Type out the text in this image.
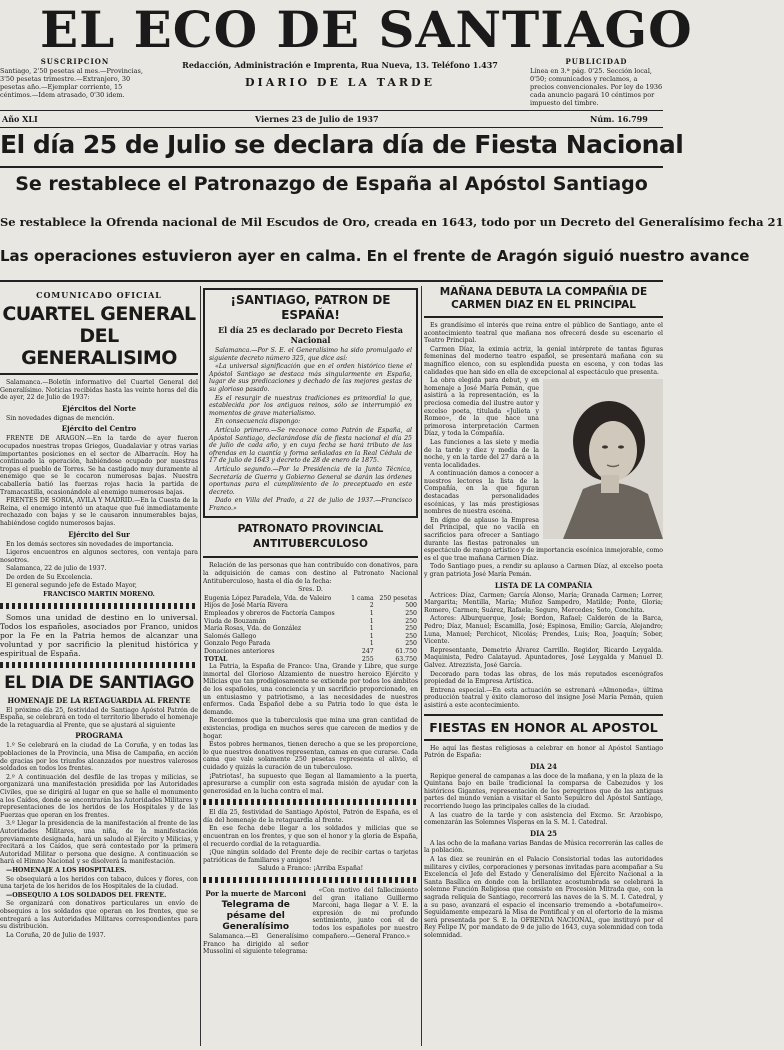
EL ECO DE SANTIAGO
SUSCRIPCION
Santiago, 2'50 pesetas al mes.—Provincias, 3'50 pesetas trimestre.—Extranjero, 30 pesetas año.—Ejemplar corriente, 15 céntimos.—Idem atrasado, 0'30 idem.
Redacción, Administración e Imprenta, Rua Nueva, 13. Teléfono 1.437
DIARIO DE LA TARDE
PUBLICIDAD
Línea en 3.ª pág. 0'25. Sección local, 0'50; comunicados y reclamos, a precios convencionales. Por ley de 1936 cada anuncio pagará 10 céntimos por impuesto del timbre.
Año XLI	Viernes 23 de Julio de 1937	Núm. 16.799
El día 25 de Julio se declara día de Fiesta Nacional
Se restablece el Patronazgo de España al Apóstol Santiago
Se restablece la Ofrenda nacional de Mil Escudos de Oro, creada en 1643, todo por un Decreto del Generalísimo fecha 21
Las operaciones estuvieron ayer en calma. En el frente de Aragón siguió nuestro avance
COMUNICADO OFICIAL
CUARTEL GENERAL
DEL GENERALISIMO

Salamanca.—Boletín informativo del Cuartel General del Generalísimo. Noticias recibidas hasta las veinte horas del día de ayer, 22 de Julio de 1937:

Ejércitos del Norte

Sin novedades dignas de mención.

Ejército del Centro

FRENTE DE ARAGON.—En la tarde de ayer fueron ocupados nuestras tropas Griegos, Guadalaviar y otras varias importantes posiciones en el sector de Albarracín. Hoy ha continuado la operación, habiéndose ocupado por nuestras tropas el pueblo de Torres. Se ha castigado muy duramente al enemigo que se le cocaron numerosas bajas. Nuestra caballería batió las fuerzas rojas hacia la partida de Tramacastilla, ocasionándole al enemigo numerosas bajas.

FRENTES DE SORIA, AVILA Y MADRID.—En la Cuesta de la Reina, el enemigo intentó un ataque que fué inmediatamente rechazado con bajas y se le causaron innumerables bajas, habiéndose cogido numerosos bajas.

Ejército del Sur

En los demás sectores sin novedades de importancia.

Ligeros encuentros en algunos sectores, con ventaja para nosotros.

Salamanca, 22 de julio de 1937.

De orden de Su Excelencia.

El general segundo jefe de Estado Mayor,

FRANCISCO MARTIN MORENO.

Somos una unidad de destino en lo universal. Todos los españoles, asociados por Franco, unidos por la Fe en la Patria hemos de alcanzar una voluntad y por sacrificio la plenitud histórica y espiritual de España.

EL DIA DE SANTIAGO
HOMENAJE DE LA RETAGUARDIA AL FRENTE

El próximo día 25, festividad de Santiago Apóstol Patrón de España, se celebrará en todo el territorio liberado el homenaje de la retaguardia al Frente, que se ajustará al siguiente

PROGRAMA

1.º Se celebrará en la ciudad de La Coruña, y en todas las poblaciones de la Provincia, una Misa de Campaña, en acción de gracias por los triunfos alcanzados por nuestros valerosos soldados en todos los frentes.

2.º A continuación del desfile de las tropas y milicias, se organizará una manifestación presidida por las Autoridades Civiles, que se dirigirá al lugar en que se halle el monumento a los Caídos, donde se encontrarán las Autoridades Militares y representaciones de los heridos de los Hospitales y de las Fuerzas que operan en los frentes.

3.º Llegar la presidencia de la manifestación al frente de las Autoridades Militares, una niña, de la manifestación previamente designada, hará un saludo al Ejército y Milicias, y recitará a los Caídos, que será contestado por la primera Autoridad Militar o persona que designe. A continuación se hará el Himno Nacional y se disolverá la manifestación.

—HOMENAJE A LOS HOSPITALES.

Se obsequiará a los heridos con tabaco, dulces y flores, con una tarjeta de los heridos de los Hospitales de la ciudad.

—OBSEQUIO A LOS SOLDADOS DEL FRENTE.

Se organizará con donativos particulares un envío de obsequios a los soldados que operan en los frentes, que se entregará a las Autoridades Militares correspondientes para su distribución.

La Coruña, 20 de Julio de 1937.

¡SANTIAGO, PATRON DE ESPAÑA!
El día 25 es declarado por Decreto Fiesta Nacional

Salamanca.—Por S. E. el Generalísimo ha sido promulgado el siguiente decreto número 325, que dice así:

«La universal significación que en el orden histórico tiene el Apóstol Santiago se destaca más singularmente en España, lugar de sus predicaciones y dechado de las mejores gestas de su glorioso pasado.

Es el resurgir de nuestras tradiciones es primordial la que, establecida por los antiguos reinos, sólo se interrumpió en momentos de grave materialismo.

En consecuencia dispongo:

Artículo primero.—Se reconoce como Patrón de España, al Apóstol Santiago, declarándose día de fiesta nacional el día 25 de julio de cada año, y en cuya fecha se hará tributo de las ofrendas en la cuantía y forma señaladas en la Real Cédula de 17 de julio de 1643 y decreto de 28 de enero de 1875.

Artículo segundo.—Por la Presidencia de la Junta Técnica, Secretaría de Guerra y Gobierno General se darán las órdenes oportunas para el cumplimiento de lo preceptuado en este decreto.

Dado en Villa del Prado, a 21 de julio de 1937.—Francisco Franco.»

PATRONATO PROVINCIAL ANTITUBERCULOSO

Relación de las personas que han contribuído con donativos, para la adquisición de camas con destino al Patronato Nacional Antituberculoso, hasta el día de la fecha:

Sres. D.

Eugenia López Paradela, Vda. de Valeiro	1 cama	250 pesetas
Hijos de José María Rivera	2	500
Empleados y obreros de Factoría Campos	1	250
Viuda de Bouzamán	1	250
María Rosas, Vda. de González	1	250
Salomés Gallego	1	250
Gonzalo Pego Parada	1	250
Donaciones anteriores	247	61.750
TOTAL	255	63.750

La Patria, la España de Franco: Una, Grande y Libre, que surge inmortal del Glorioso Alzamiento de nuestro heroico Ejército y Milicias que tan prodigiosamente se extiende por todos los ámbitos de los españoles, una conciencia y un sacrificio proporcionado, en un entusiasmo y patriotismo, a las necesidades de nuestros enfermos. Cada Español debe a su Patria todo lo que ésta le demande.

Recordemos que la tuberculosis que mina una gran cantidad de existencias, prodiga en muchos seres que carecen de medios y de hogar.

Estos pobres hermanos, tienen derecho a que se les proporcione, lo que nuestros donativos representan, camas en que curarse. Cada cama que vale solamente 250 pesetas representa el alivio, el cuidado y quizás la curación de un tuberculoso.

¡Patriotas!, ha supuesto que llegan al llamamiento a la puerta, apresurarse a cumplir con esta sagrada misión de ayudar con la generosidad en la lucha contra el mal.

El día 25, festividad de Santiago Apóstol, Patrón de España, es el día del homenaje de la retaguardia al frente.

En ese fecha debe llegar a los soldados y milicias que se encuentran en los frentes, y que son el honor y la gloria de España, el recuerdo cordial de la retaguardia.

¡Que ningún soldado del Frente deje de recibir cartas o tarjetas patrióticas de familiares y amigos!

Saludo a Franco: ¡Arriba España!

Por la muerte de Marconi
Telegrama de pésame del Generalísimo

Salamanca.—El Generalísimo Franco ha dirigido al señor Mussolini el siguiente telegrama:

«Con motivo del fallecimiento del gran italiano Guillermo Marconi, haga llegar a V. E. la expresión de mi profundo sentimiento, junto con el de todos los españoles por nuestro compañero.—General Franco.»

MAÑANA DEBUTA LA COMPAÑIA DE CARMEN DIAZ EN EL PRINCIPAL

Es grandísimo el interés que reina entre el público de Santiago, ante el acontecimiento teatral que mañana nos ofrecerá desde su escenario el Teatro Principal.

Carmen Díaz, la eximia actriz, la genial intérprete de tantas figuras femeninas del moderno teatro español, se presentará mañana con su magnífico elenco, con su esplendida puesta en escena, y con todas las calidades que han sido en ella de excepcional al espectáculo que presenta.

La obra elegida para debut, y en homenaje a José María Pemán, que asistirá a la representación, es la preciosa comedia del ilustre autor y excelso poeta, titulada «Julieta y Romeo», de la que hace una primorosa interpretación Carmen Díaz, y toda la Compañía.

Las funciones a las siete y media de la tarde y diez y media de la noche, y en la tarde del 27 dará a la venta localidades.

A continuación damos a conocer a nuestros lectores la lista de la Compañía, en la que figuran destacadas personalidades escénicas, y las más prestigiosas nombres de nuestra escena.

En dígno de aplauso la Empresa del Principal, que no vacila en sacrificios para ofrecer a Santiago durante las fiestas patronales un espectáculo de rango artístico y de importancia escénica inmejorable, como es el que trae mañana Carmen Díaz.

Todo Santiago pues, a rendir su aplauso a Carmen Díaz, al excelso poeta y gran patriota José María Pemán.

LISTA DE LA COMPAÑIA

Actrices: Díaz, Carmen; García Alonso, María; Granada Carmen; Lorrer, Margarita; Mentilla, María; Muñoz Sampedro, Matilde; Ponte, Gloria; Romero, Carmen; Suárez, Rafaela; Seguro, Mercedes; Soto, Conchita.

Actores: Alburquerque, José; Bordon, Rafael; Calderón de la Barca, Pedro; Díaz, Manuel; Escamilla, José; Espinosa, Emilio; García, Alejandro; Luna, Manuel; Perchicot, Nicolás; Prendes, Luis; Roa, Joaquín; Sober, Vicente.

Representante, Demetrio Álvarez Carrillo. Regidor, Ricardo Leygalda. Maquinista, Pedro Calatayud. Apuntadores, José Leygalda y Manuel D. Galvez. Atrezzista, José García.

Decorado para todas las obras, de los más reputados escenógrafos propiedad de la Empresa Artística.

Entrena especial.—En esta actuación se estrenará «Almoneda», última producción teatral y éxito clamoroso del insigne José María Pemán, quien asistirá a este acontecimiento.

FIESTAS EN HONOR AL APOSTOL

He aquí las fiestas religiosas a celebrar en honor al Apóstol Santiago Patrón de España:

DIA 24

Repique general de campanas a las doce de la mañana, y en la plaza de la Quintana bajo en baile tradicional la comparsa de Cabezudos y los históricos Gigantes, representación de los peregrinos que de las antiguas partes del mundo venían a visitar el Santo Sepulcro del Apóstol Santiago, recorriendo luego las principales calles de la ciudad.

A las cuatro de la tarde y con asistencia del Excmo. Sr. Arzobispo, comenzarán las Solemnes Vísperas en la S. M. I. Catedral.

DIA 25

A las ocho de la mañana varias Bandas de Música recorrerán las calles de la población.

A las diez se reunirán en el Palacio Consistorial todas las autoridades militares y civiles, corporaciones y personas invitadas para acompañar a Su Excelencia el Jefe del Estado y Generalísimo del Ejército Nacional a la Santa Basílica en donde con la brillantez acostumbrada se celebrará la solemne Función Religiosa que consiste en Procesión Mitrada que, con la sagrada reliquia de Santiago, recorrerá las naves de la S. M. I. Catedral, y a su paso, avanzará el espacio el incensario tremendo a «botafumeiro». Seguidamente empezará la Misa de Pontifical y en el ofertorio de la misma será presentada por S. E. la OFRENDA NACIONAL, que instituyó por el Rey Felipe IV, por mandato de 9 de julio de 1643, cuya solemnidad con toda solemnidad.
